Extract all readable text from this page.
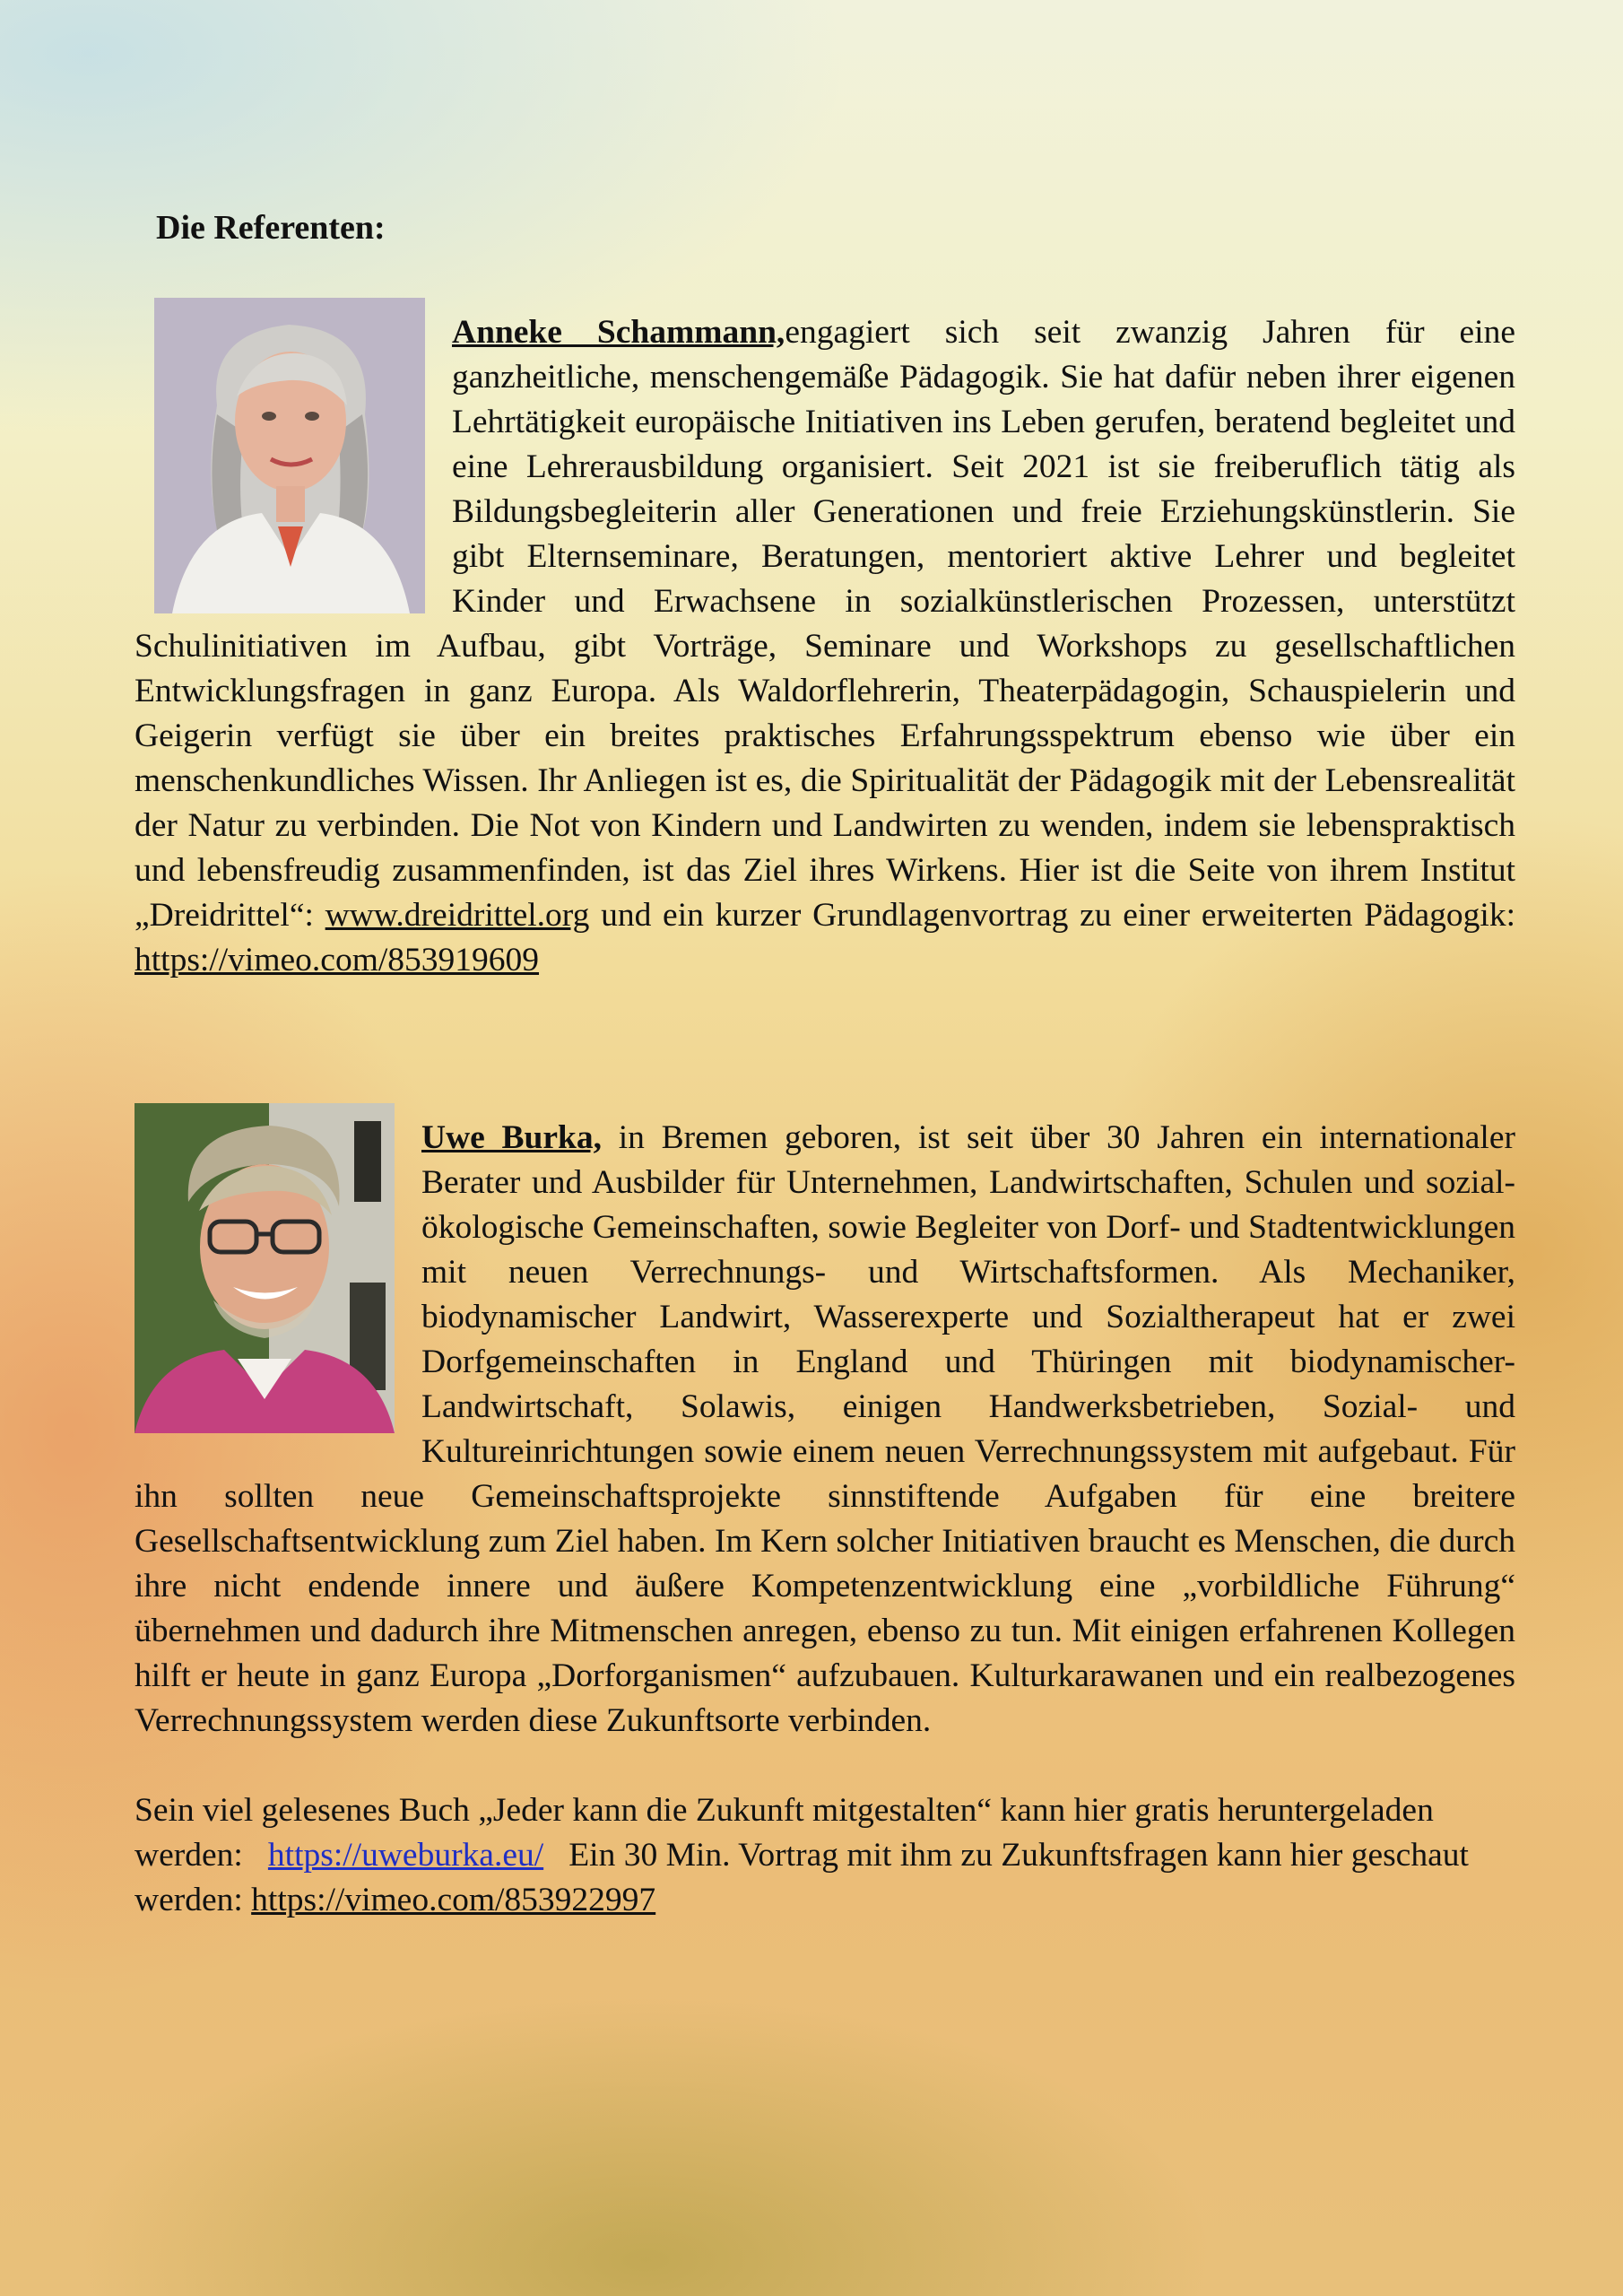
Die Referenten:

Anneke Schammann,engagiert sich seit zwanzig Jahren für eine ganzheitliche, menschengemäße Pädagogik. Sie hat dafür neben ihrer eigenen Lehrtätigkeit europäische Initiativen ins Leben gerufen, beratend begleitet und eine Lehrerausbildung organisiert. Seit 2021 ist sie freiberuflich tätig als Bildungsbegleiterin aller Generationen und freie Erziehungskünstlerin. Sie gibt Elternseminare, Beratungen, mentoriert aktive Lehrer und begleitet Kinder und Erwachsene in sozialkünstlerischen Prozessen, unterstützt Schulinitiativen im Aufbau, gibt Vorträge, Seminare und Workshops zu gesellschaftlichen Entwicklungsfragen in ganz Europa. Als Waldorflehrerin, Theaterpädagogin, Schauspielerin und Geigerin verfügt sie über ein breites praktisches Erfahrungsspektrum ebenso wie über ein menschenkundliches Wissen. Ihr Anliegen ist es, die Spiritualität der Pädagogik mit der Lebensrealität der Natur zu verbinden. Die Not von Kindern und Landwirten zu wenden, indem sie lebenspraktisch und lebensfreudig zusammenfinden, ist das Ziel ihres Wirkens. Hier ist die Seite von ihrem Institut „Dreidrittel“: www.dreidrittel.org und ein kurzer Grundlagenvortrag zu einer erweiterten Pädagogik: https://vimeo.com/853919609

Uwe Burka, in Bremen geboren, ist seit über 30 Jahren ein internationaler Berater und Ausbilder für Unternehmen, Landwirtschaften, Schulen und sozial-ökologische Gemeinschaften, sowie Begleiter von Dorf- und Stadtentwicklungen mit neuen Verrechnungs- und Wirtschaftsformen. Als Mechaniker, biodynamischer Landwirt, Wasserexperte und Sozialtherapeut hat er zwei Dorfgemeinschaften in England und Thüringen mit biodynamischer-Landwirtschaft, Solawis, einigen Handwerksbetrieben, Sozial- und Kultureinrichtungen sowie einem neuen Verrechnungssystem mit aufgebaut. Für ihn sollten neue Gemeinschaftsprojekte sinnstiftende Aufgaben für eine breitere Gesellschaftsentwicklung zum Ziel haben. Im Kern solcher Initiativen braucht es Menschen, die durch ihre nicht endende innere und äußere Kompetenzentwicklung eine „vorbildliche Führung“ übernehmen und dadurch ihre Mitmenschen anregen, ebenso zu tun. Mit einigen erfahrenen Kollegen hilft er heute in ganz Europa „Dorforganismen“ aufzubauen. Kulturkarawanen und ein realbezogenes Verrechnungssystem werden diese Zukunftsorte verbinden.

Sein viel gelesenes Buch „Jeder kann die Zukunft mitgestalten“ kann hier gratis heruntergeladen werden:   https://uweburka.eu/   Ein 30 Min. Vortrag mit ihm zu Zukunftsfragen kann hier geschaut werden: https://vimeo.com/853922997
